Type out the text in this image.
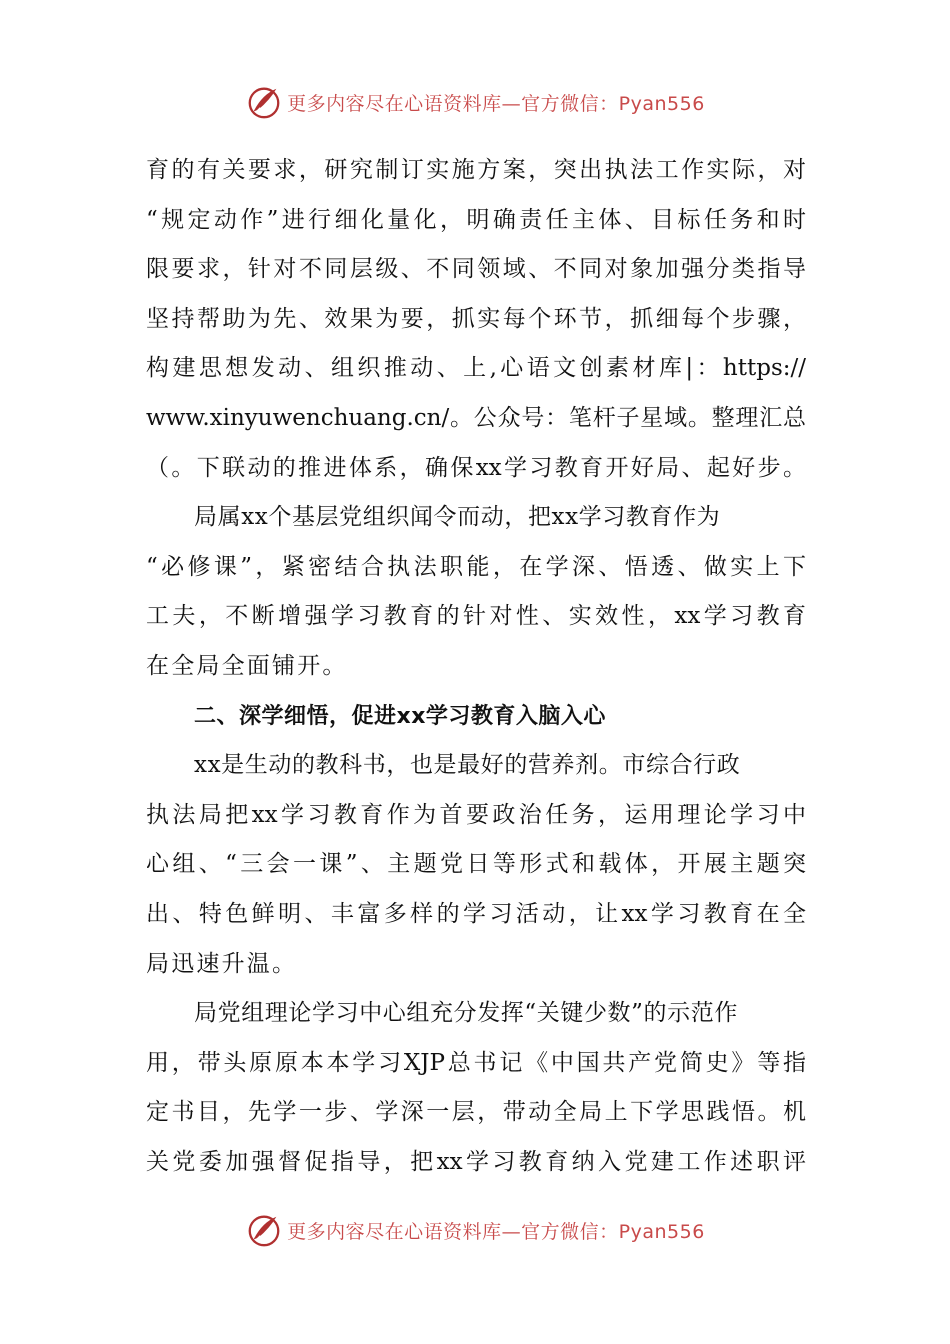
更多内容尽在心语资料库—官方微信：Pyan556
育的有关要求，研究制订实施方案，突出执法工作实际，对
“规定动作”进行细化量化，明确责任主体、目标任务和时
限要求，针对不同层级、不同领域、不同对象加强分类指导
坚持帮助为先、效果为要，抓实每个环节，抓细每个步骤，
构建思想发动、组织推动、上,心语文创素材库|：https://
www.xinyuwenchuang.cn/。公众号：笔杆子星域。整理汇总
（。下联动的推进体系，确保xx学习教育开好局、起好步。
局属xx个基层党组织闻令而动，把xx学习教育作为
“必修课”，紧密结合执法职能，在学深、悟透、做实上下
工夫，不断增强学习教育的针对性、实效性，xx学习教育
在全局全面铺开。
二、深学细悟，促进xx学习教育入脑入心
xx是生动的教科书，也是最好的营养剂。市综合行政
执法局把xx学习教育作为首要政治任务，运用理论学习中
心组、“三会一课”、主题党日等形式和载体，开展主题突
出、特色鲜明、丰富多样的学习活动，让xx学习教育在全
局迅速升温。
局党组理论学习中心组充分发挥“关键少数”的示范作
用，带头原原本本学习XJP总书记《中国共产党简史》等指
定书目，先学一步、学深一层，带动全局上下学思践悟。机
关党委加强督促指导，把xx学习教育纳入党建工作述职评
更多内容尽在心语资料库—官方微信：Pyan556
